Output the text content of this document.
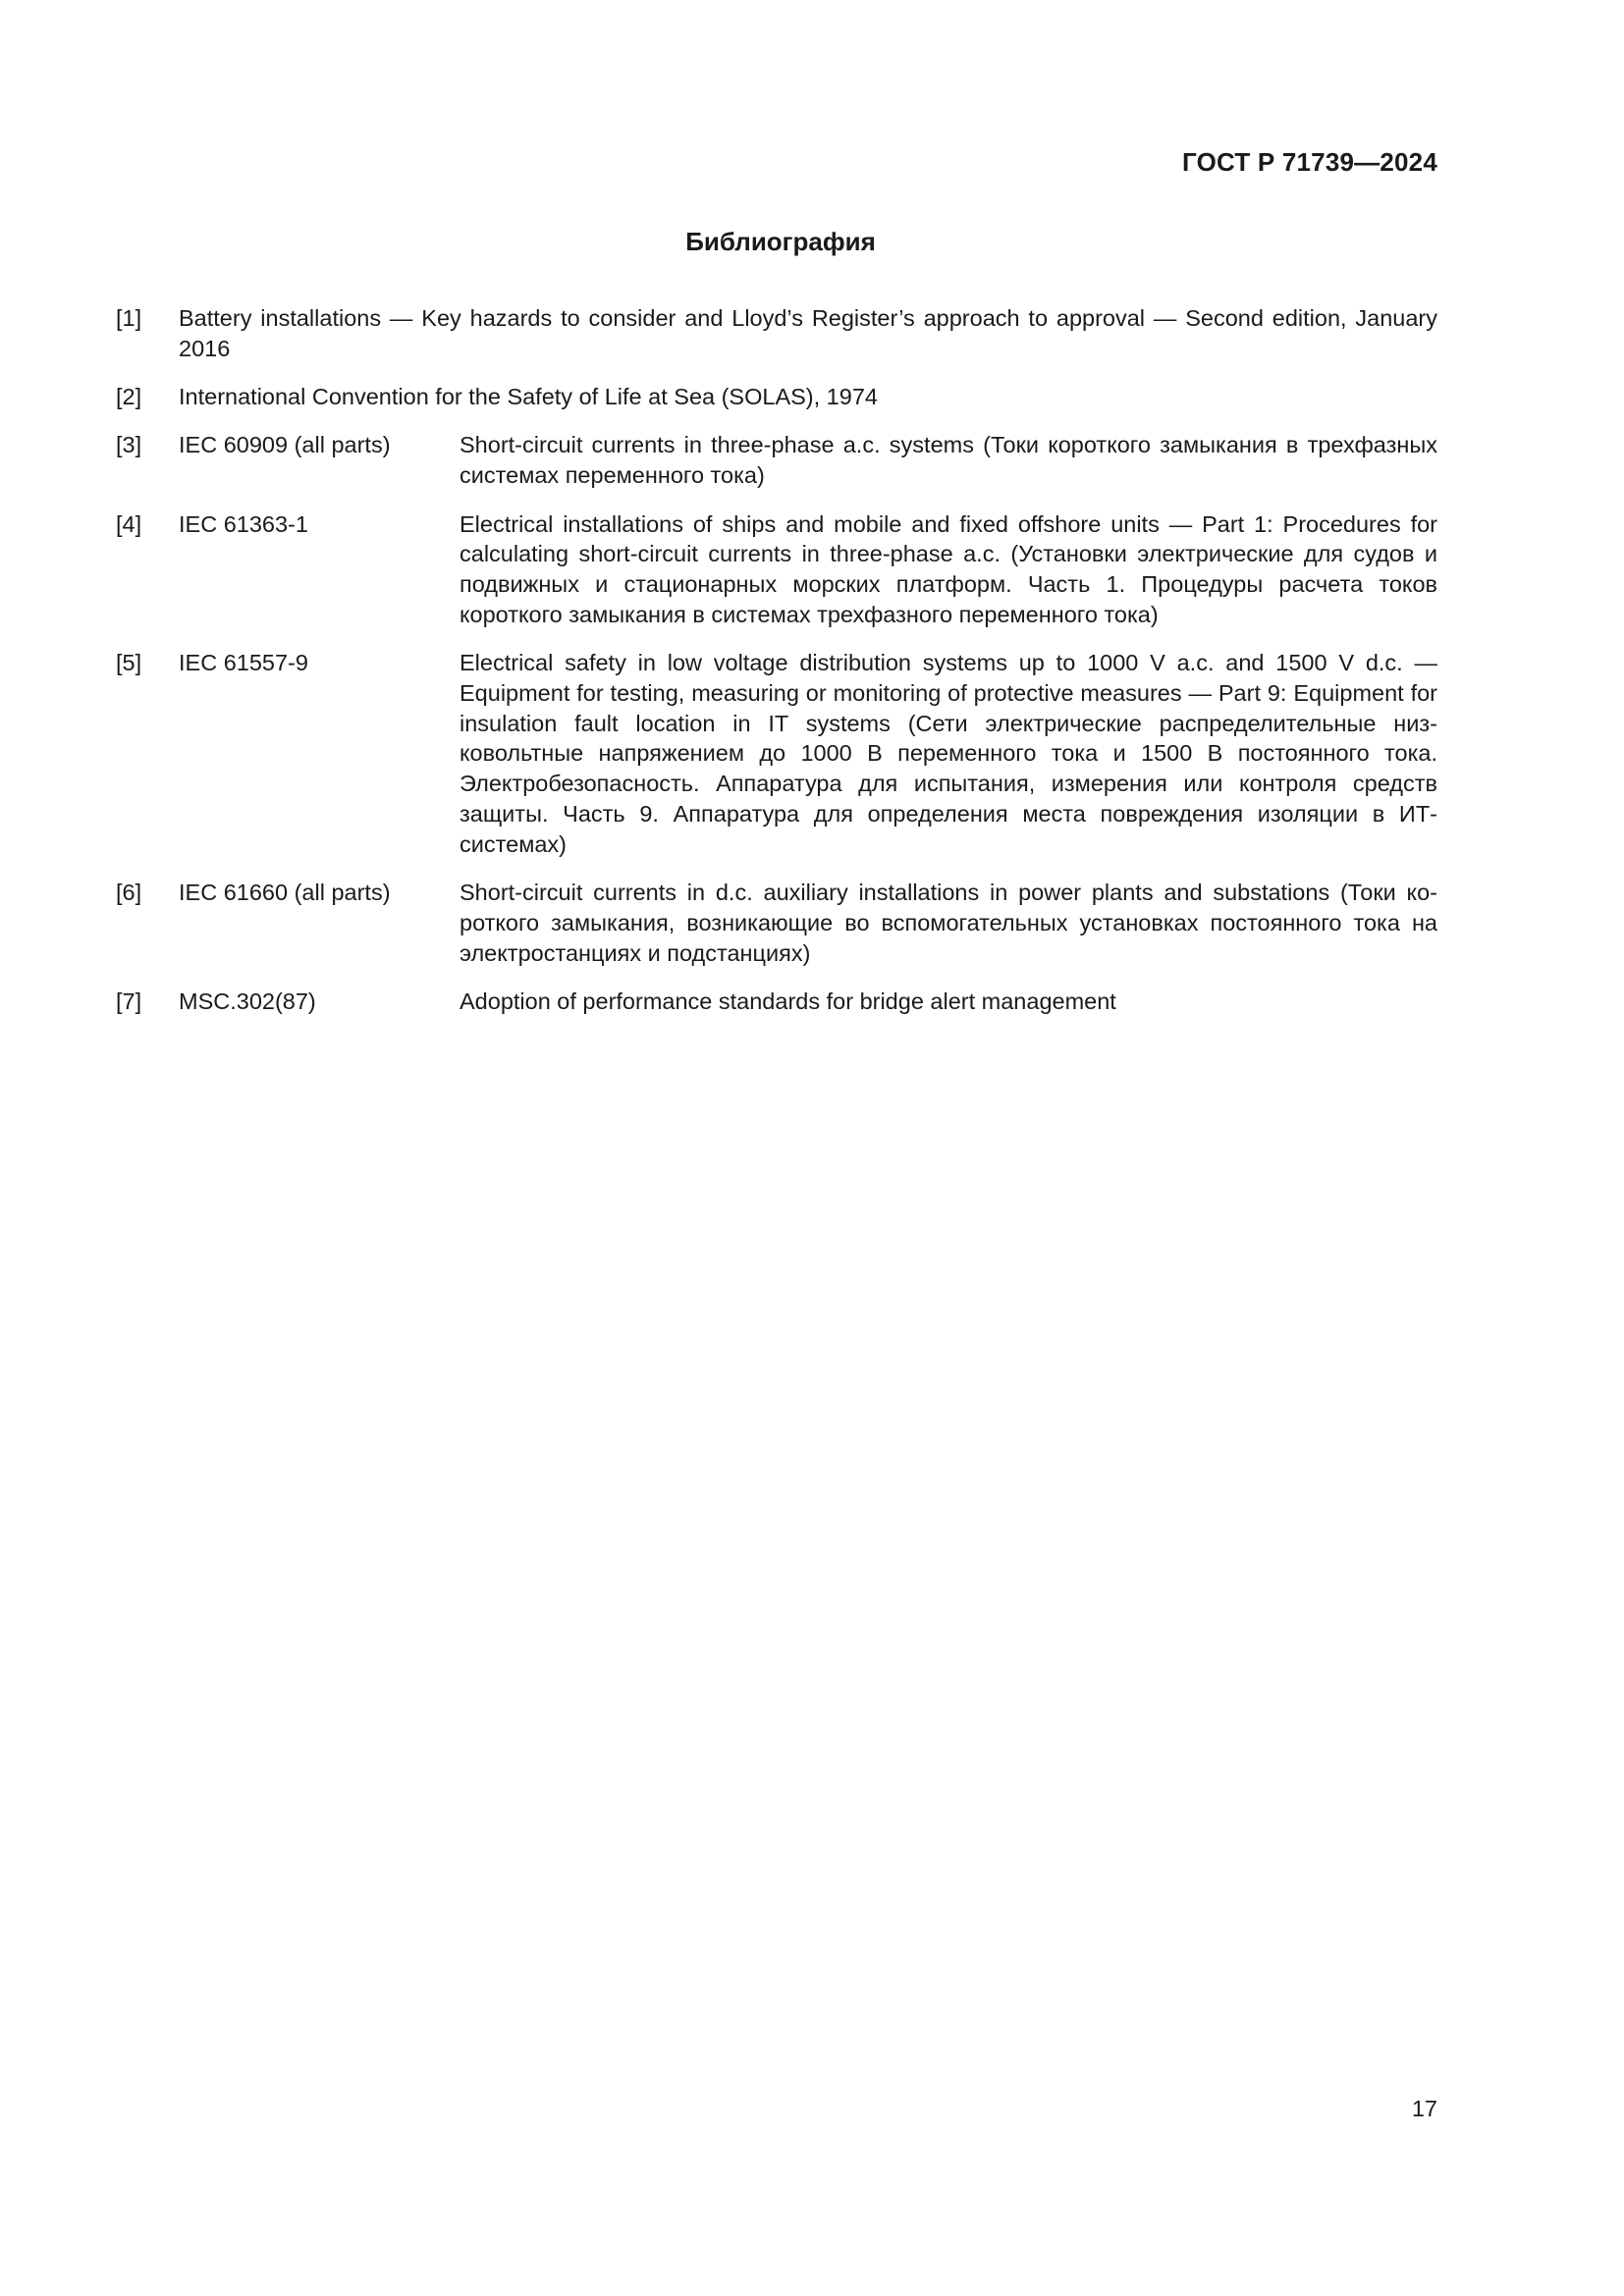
ГОСТ Р 71739—2024
Библиография
[1]	Battery installations — Key hazards to consider and Lloyd’s Register’s approach to approval — Second edition, January 2016
[2]	International Convention for the Safety of Life at Sea (SOLAS), 1974
[3]	IEC 60909 (all parts)	Short-circuit currents in three-phase a.c. systems (Токи короткого замыкания в трехфазных системах переменного тока)
[4]	IEC 61363-1	Electrical installations of ships and mobile and fixed offshore units — Part 1: Procedures for calculating short-circuit currents in three-phase a.c. (Установки электрические для судов и подвижных и стационарных морских платформ. Часть 1. Процедуры расчета токов короткого замыкания в системах трехфазного переменного тока)
[5]	IEC 61557-9	Electrical safety in low voltage distribution systems up to 1000 V a.c. and 1500 V d.c. — Equipment for testing, measuring or monitoring of protective measures — Part 9: Equipment for insulation fault location in IT systems (Сети электрические распределительные низковольтные напряжением до 1000 В переменного тока и 1500 В постоянного тока. Электробезопасность. Аппаратура для испытания, измерения или контроля средств защиты. Часть 9. Аппаратура для определения места повреждения изоляции в ИТ-системах)
[6]	IEC 61660 (all parts)	Short-circuit currents in d.c. auxiliary installations in power plants and substations (Токи короткого замыкания, возникающие во вспомогательных установках постоянного тока на электростанциях и подстанциях)
[7]	MSC.302(87)	Adoption of performance standards for bridge alert management
17
